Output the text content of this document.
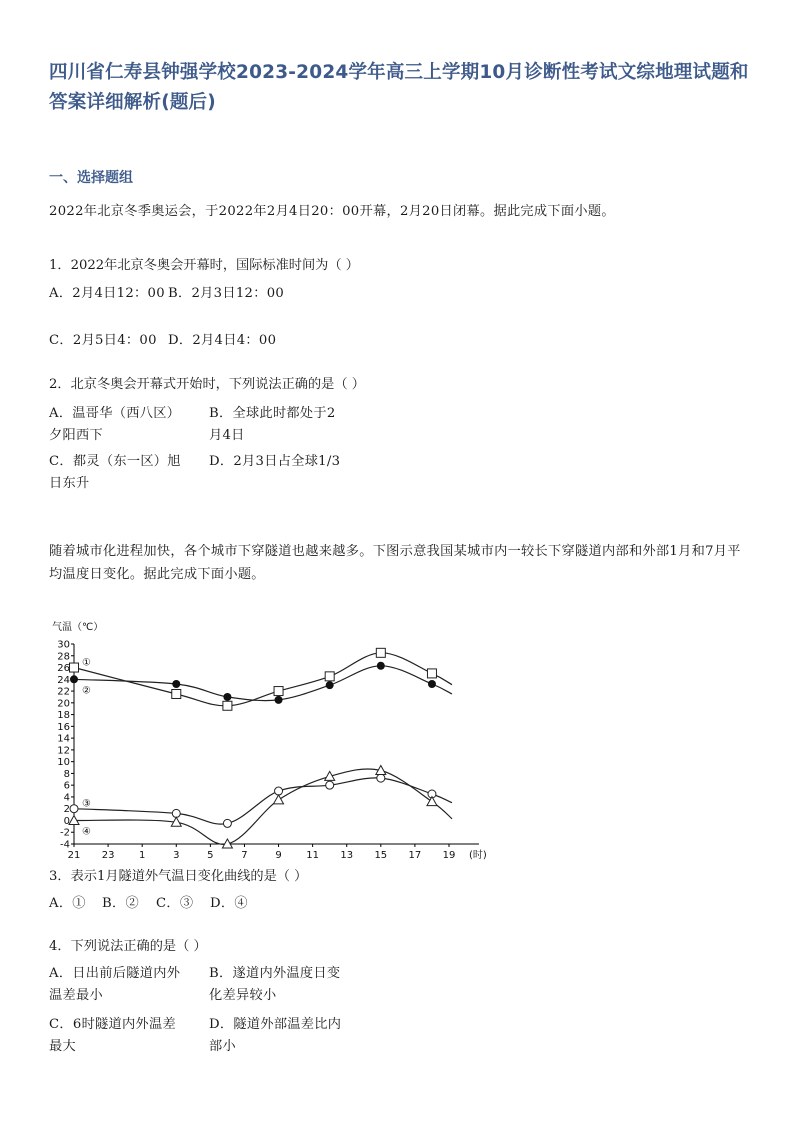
四川省仁寿县钟强学校2023-2024学年高三上学期10月诊断性考试文综地理试题和答案详细解析(题后)
一、选择题组
2022年北京冬季奥运会，于2022年2月4日20：00开幕，2月20日闭幕。据此完成下面小题。
1．2022年北京冬奥会开幕时，国际标准时间为（ ）
A．2月4日12：00 B．2月3日12：00
C．2月5日4：00 D．2月4日4：00
2．北京冬奥会开幕式开始时，下列说法正确的是（ ）
A．温哥华（西八区）夕阳西下
B．全球此时都处于2月4日
C．都灵（东一区）旭日东升
D．2月3日占全球1/3
随着城市化进程加快，各个城市下穿隧道也越来越多。下图示意我国某城市内一较长下穿隧道内部和外部1月和7月平均温度日变化。据此完成下面小题。
气温（℃）
-4
-2
0
2
4
6
8
10
12
14
16
18
20
22
24
26
28
30
21 23 1	3	5	7	9 11 13 15 17 19 (时)
①
②
③
④
3．表示1月隧道外气温日变化曲线的是（ ）
A．① B．② C．③ D．④
4．下列说法正确的是（ ）
A．日出前后隧道内外温差最小
B．遂道内外温度日变化差异较小
C．6时隧道内外温差最大
D．隧道外部温差比内部小
